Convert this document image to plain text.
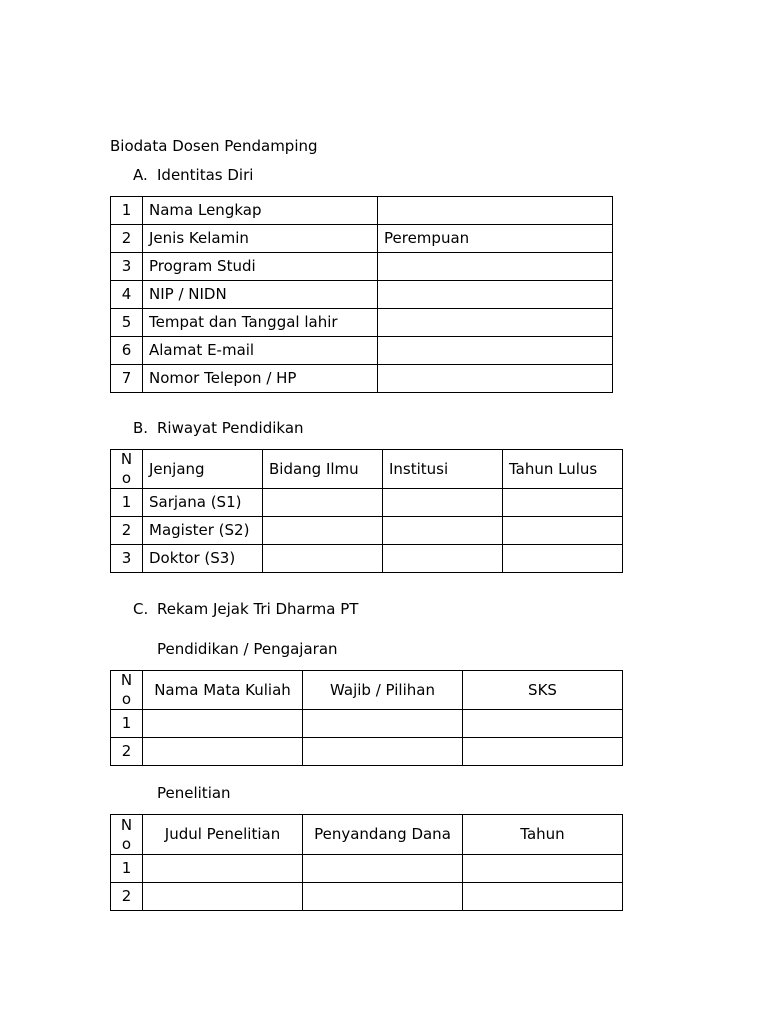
Biodata Dosen Pendamping
A. Identitas Diri
1	Nama Lengkap	
2	Jenis Kelamin	Perempuan
3	Program Studi	
4	NIP / NIDN	
5	Tempat dan Tanggal lahir	
6	Alamat E-mail	
7	Nomor Telepon / HP	
B. Riwayat Pendidikan
N
o	Jenjang	Bidang Ilmu	Institusi	Tahun Lulus
1	Sarjana (S1)			
2	Magister (S2)			
3	Doktor (S3)			
C. Rekam Jejak Tri Dharma PT
Pendidikan / Pengajaran
N
o	Nama Mata Kuliah	Wajib / Pilihan	SKS
1			
2			
Penelitian
N
o	Judul Penelitian	Penyandang Dana	Tahun
1			
2			
